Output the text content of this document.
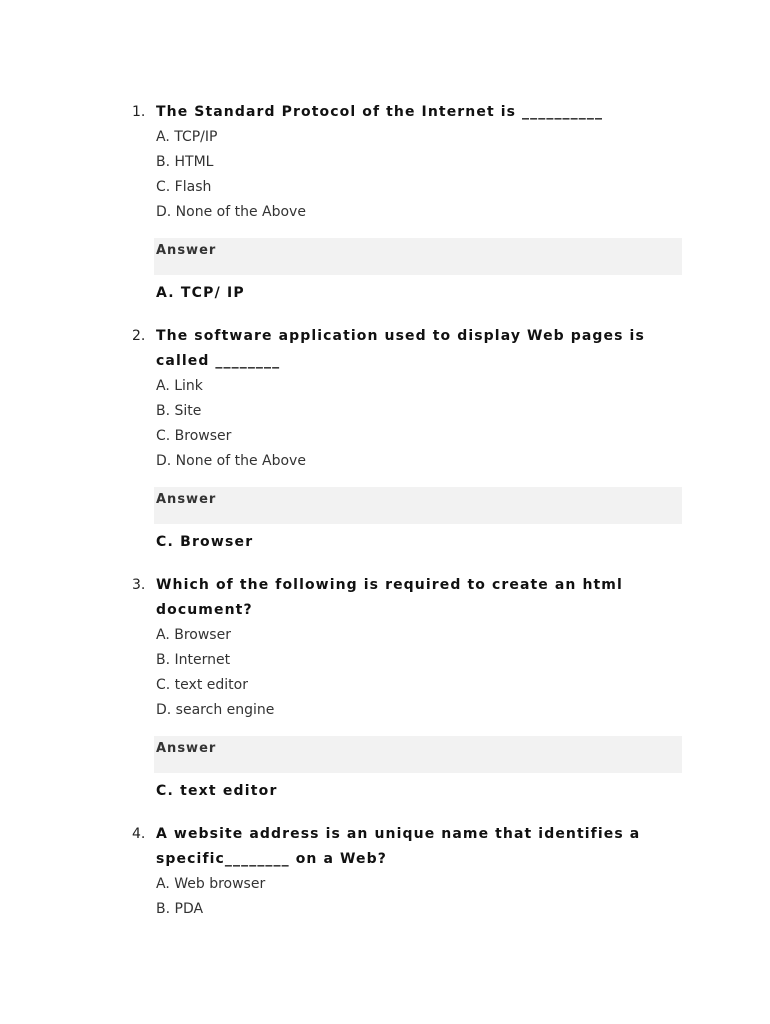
1. The Standard Protocol of the Internet is __________
A. TCP/IP
B. HTML
C. Flash
D. None of the Above
Answer
A. TCP/ IP
2. The software application used to display Web pages is called ________
A. Link
B. Site
C. Browser
D. None of the Above
Answer
C. Browser
3. Which of the following is required to create an html document?
A. Browser
B. Internet
C. text editor
D. search engine
Answer
C. text editor
4. A website address is an unique name that identifies a specific________ on a Web?
A. Web browser
B. PDA
